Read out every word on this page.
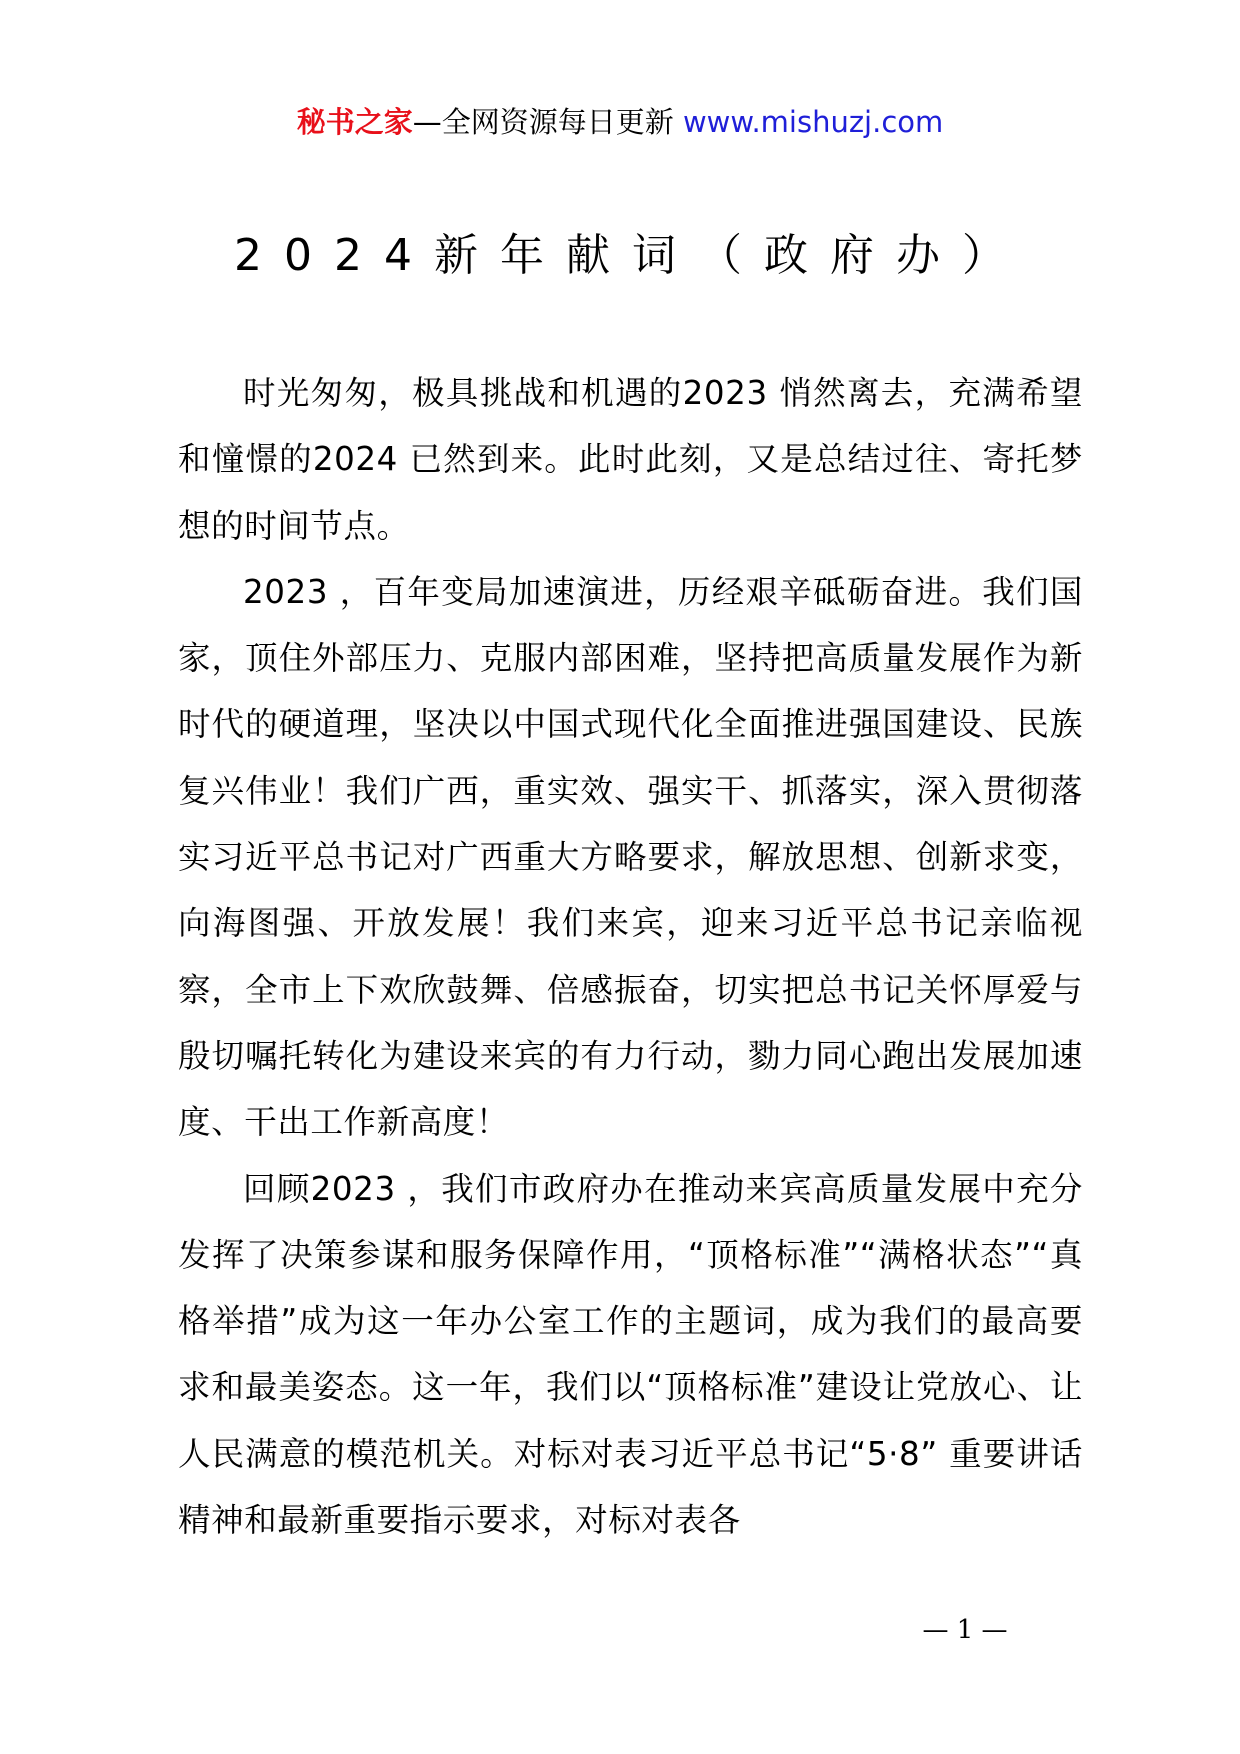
秘书之家—全网资源每日更新 www.mishuzj.com
2024新年献词（政府办）

时光匆匆，极具挑战和机遇的2023 悄然离去，充满希望和憧憬的2024 已然到来。此时此刻，又是总结过往、寄托梦想的时间节点。

2023 ，百年变局加速演进，历经艰辛砥砺奋进。我们国家，顶住外部压力、克服内部困难，坚持把高质量发展作为新时代的硬道理，坚决以中国式现代化全面推进强国建设、民族复兴伟业！我们广西，重实效、强实干、抓落实，深入贯彻落实习近平总书记对广西重大方略要求，解放思想、创新求变，向海图强、开放发展！我们来宾，迎来习近平总书记亲临视察，全市上下欢欣鼓舞、倍感振奋，切实把总书记关怀厚爱与殷切嘱托转化为建设来宾的有力行动，勠力同心跑出发展加速度、干出工作新高度！

回顾2023 ，我们市政府办在推动来宾高质量发展中充分发挥了决策参谋和服务保障作用，“顶格标准”“满格状态”“真格举措”成为这一年办公室工作的主题词，成为我们的最高要求和最美姿态。这一年，我们以“顶格标准”建设让党放心、让人民满意的模范机关。对标对表习近平总书记“5·8” 重要讲话精神和最新重要指示要求，对标对表各

— 1 —
